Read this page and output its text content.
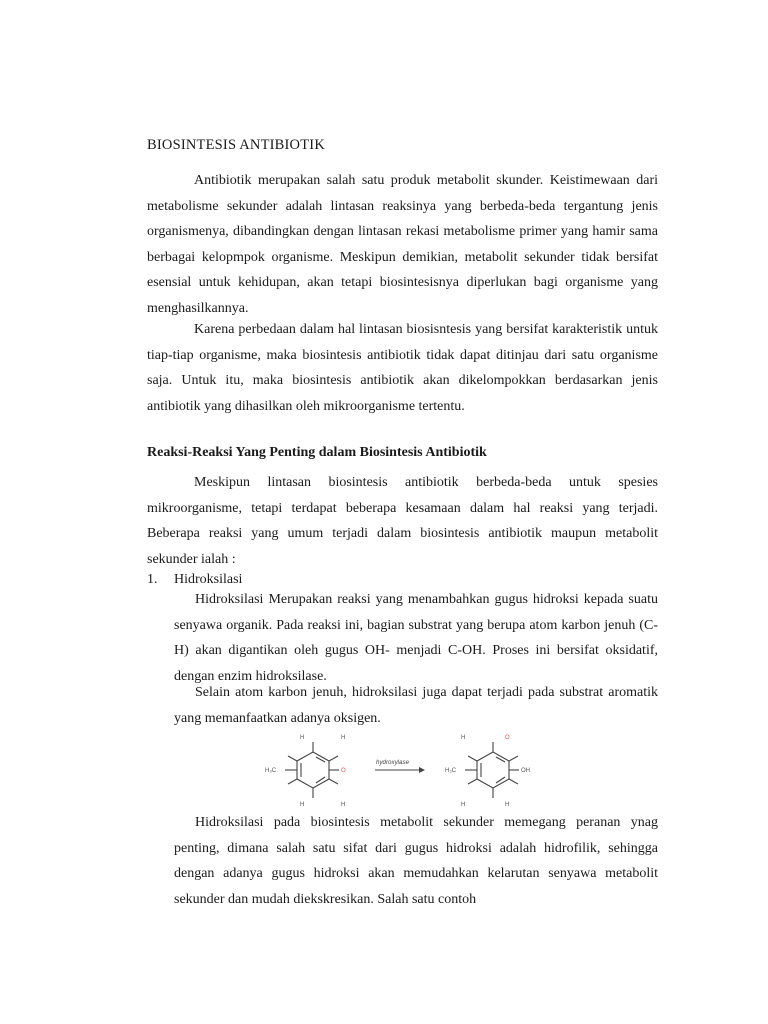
BIOSINTESIS ANTIBIOTIK

Antibiotik merupakan salah satu produk metabolit skunder. Keistimewaan dari metabolisme sekunder adalah lintasan reaksinya yang berbeda-beda tergantung jenis organismenya, dibandingkan dengan lintasan rekasi metabolisme primer yang hamir sama berbagai kelopmpok organisme. Meskipun demikian, metabolit sekunder tidak bersifat esensial untuk kehidupan, akan tetapi biosintesisnya diperlukan bagi organisme yang menghasilkannya.

Karena perbedaan dalam hal lintasan biosisntesis yang bersifat karakteristik untuk tiap-tiap organisme, maka biosintesis antibiotik tidak dapat ditinjau dari satu organisme saja. Untuk itu, maka biosintesis antibiotik akan dikelompokkan berdasarkan jenis antibiotik yang dihasilkan oleh mikroorganisme tertentu.

Reaksi-Reaksi Yang Penting dalam Biosintesis Antibiotik

Meskipun lintasan biosintesis antibiotik berbeda-beda untuk spesies mikroorganisme, tetapi terdapat beberapa kesamaan dalam hal reaksi yang terjadi. Beberapa reaksi yang umum terjadi dalam biosintesis antibiotik maupun metabolit sekunder ialah :

1. Hidroksilasi

Hidroksilasi Merupakan reaksi yang menambahkan gugus hidroksi kepada suatu senyawa organik. Pada reaksi ini, bagian substrat yang berupa atom karbon jenuh (C-H) akan digantikan oleh gugus OH- menjadi C-OH. Proses ini bersifat oksidatif, dengan enzim hidroksilase.

Selain atom karbon jenuh, hidroksilasi juga dapat terjadi pada substrat aromatik yang memanfaatkan adanya oksigen.

H	H
H	H
H₃C	O
hydroxylase
H	O
H	H
H₃C	OH

Hidroksilasi pada biosintesis metabolit sekunder memegang peranan ynag penting, dimana salah satu sifat dari gugus hidroksi adalah hidrofilik, sehingga dengan adanya gugus hidroksi akan memudahkan kelarutan senyawa metabolit sekunder dan mudah diekskresikan. Salah satu contoh
